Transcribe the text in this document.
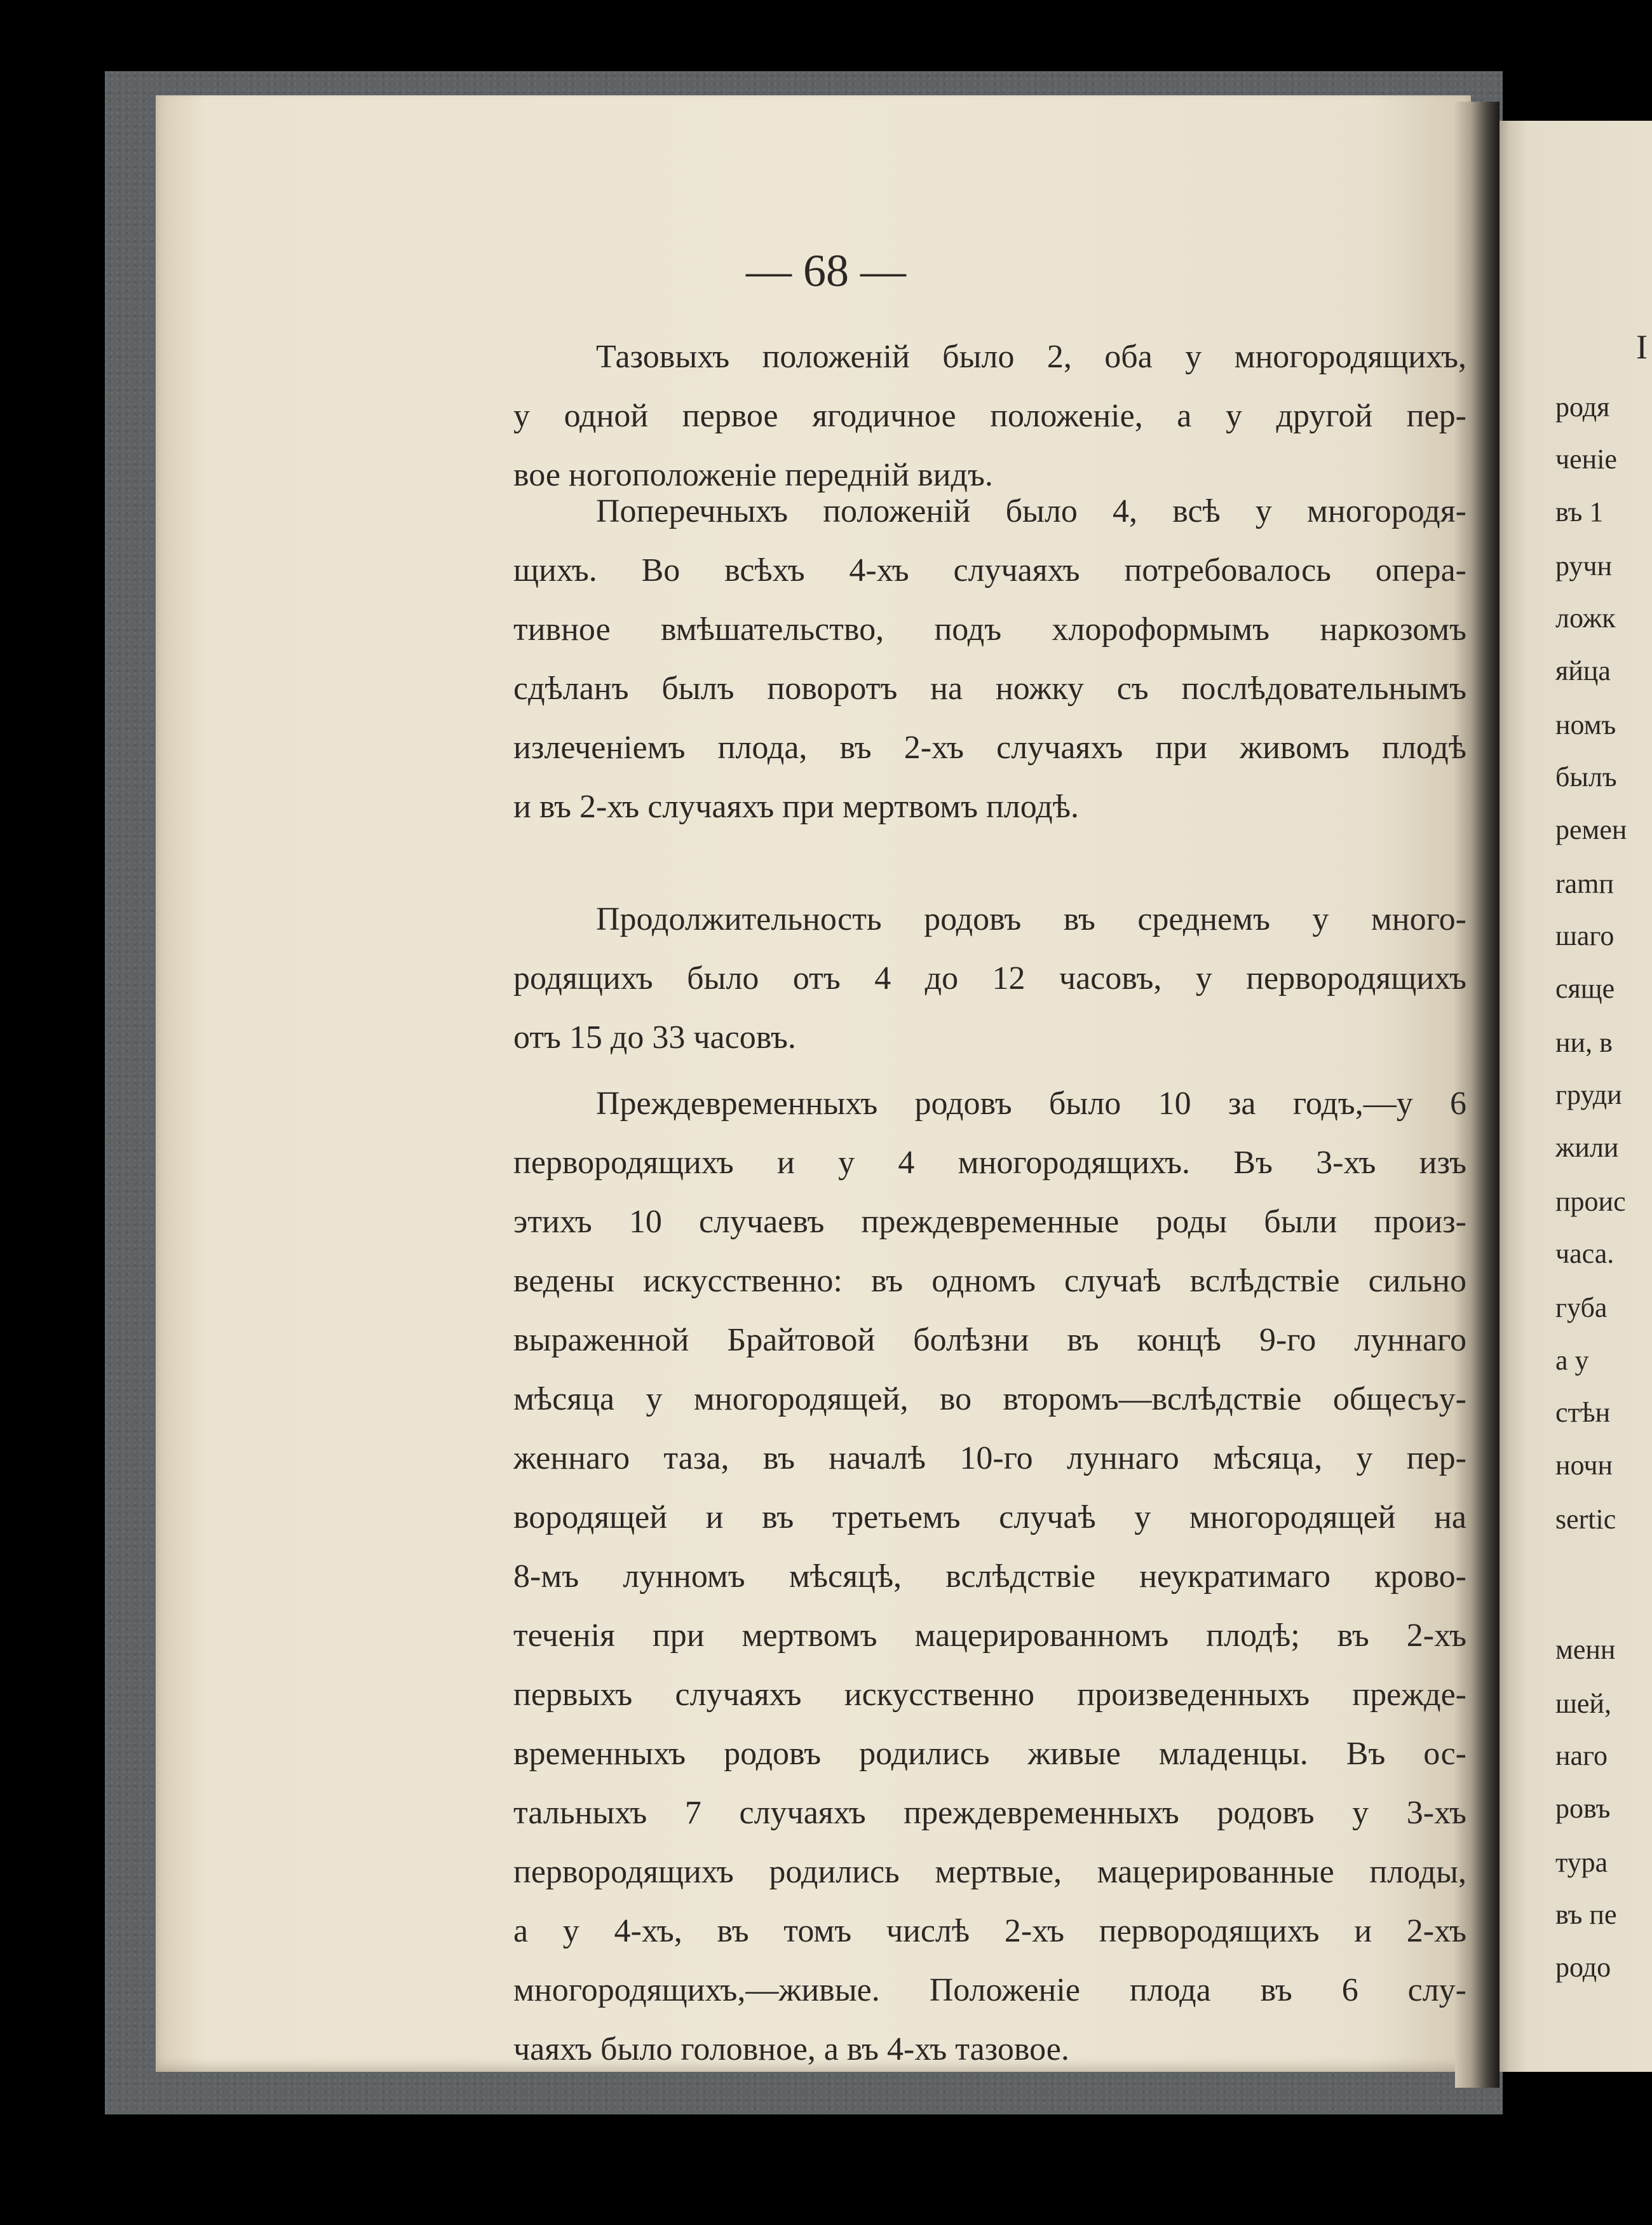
I
родя
ченiе
въ 1
ручн
ложк
яйца
номъ
былъ
ремен
ramп
шаго
сяще
ни, в
груди
жили
проис
часа.
губа
а у
стѣн
ночн
sertic
менн
шей,
наго
ровъ
тура
въ пе
родо
— 68 —
Тазовыхъ положенiй было 2, оба у многородящихъ,
у одной первое ягодичное положенiе, а у другой пер-
вое ногоположенiе переднiй видъ.
Поперечныхъ положенiй было 4, всѣ у многородя-
щихъ. Во всѣхъ 4-хъ случаяхъ потребовалось опера-
тивное вмѣшательство, подъ хлороформымъ наркозомъ
сдѣланъ былъ поворотъ на ножку съ послѣдовательнымъ
излеченiемъ плода, въ 2-хъ случаяхъ при живомъ плодѣ
и въ 2-хъ случаяхъ при мертвомъ плодѣ.
Продолжительность родовъ въ среднемъ у много-
родящихъ было отъ 4 до 12 часовъ, у первородящихъ
отъ 15 до 33 часовъ.
Преждевременныхъ родовъ было 10 за годъ,—у 6
первородящихъ и у 4 многородящихъ. Въ 3-хъ изъ
этихъ 10 случаевъ преждевременные роды были произ-
ведены искусственно: въ одномъ случаѣ вслѣдствiе сильно
выраженной Брайтовой болѣзни въ концѣ 9-го луннаго
мѣсяца у многородящей, во второмъ—вслѣдствiе общесъу-
женнаго таза, въ началѣ 10-го луннаго мѣсяца, у пер-
вородящей и въ третьемъ случаѣ у многородящей на
8-мъ лунномъ мѣсяцѣ, вслѣдствiе неукратимаго крово-
теченiя при мертвомъ мацерированномъ плодѣ; въ 2-хъ
первыхъ случаяхъ искусственно произведенныхъ прежде-
временныхъ родовъ родились живые младенцы. Въ ос-
тальныхъ 7 случаяхъ преждевременныхъ родовъ у 3-хъ
первородящихъ родились мертвые, мацерированные плоды,
а у 4-хъ, въ томъ числѣ 2-хъ первородящихъ и 2-хъ
многородящихъ,—живые. Положенiе плода въ 6 слу-
чаяхъ было головное, а въ 4-хъ тазовое.
